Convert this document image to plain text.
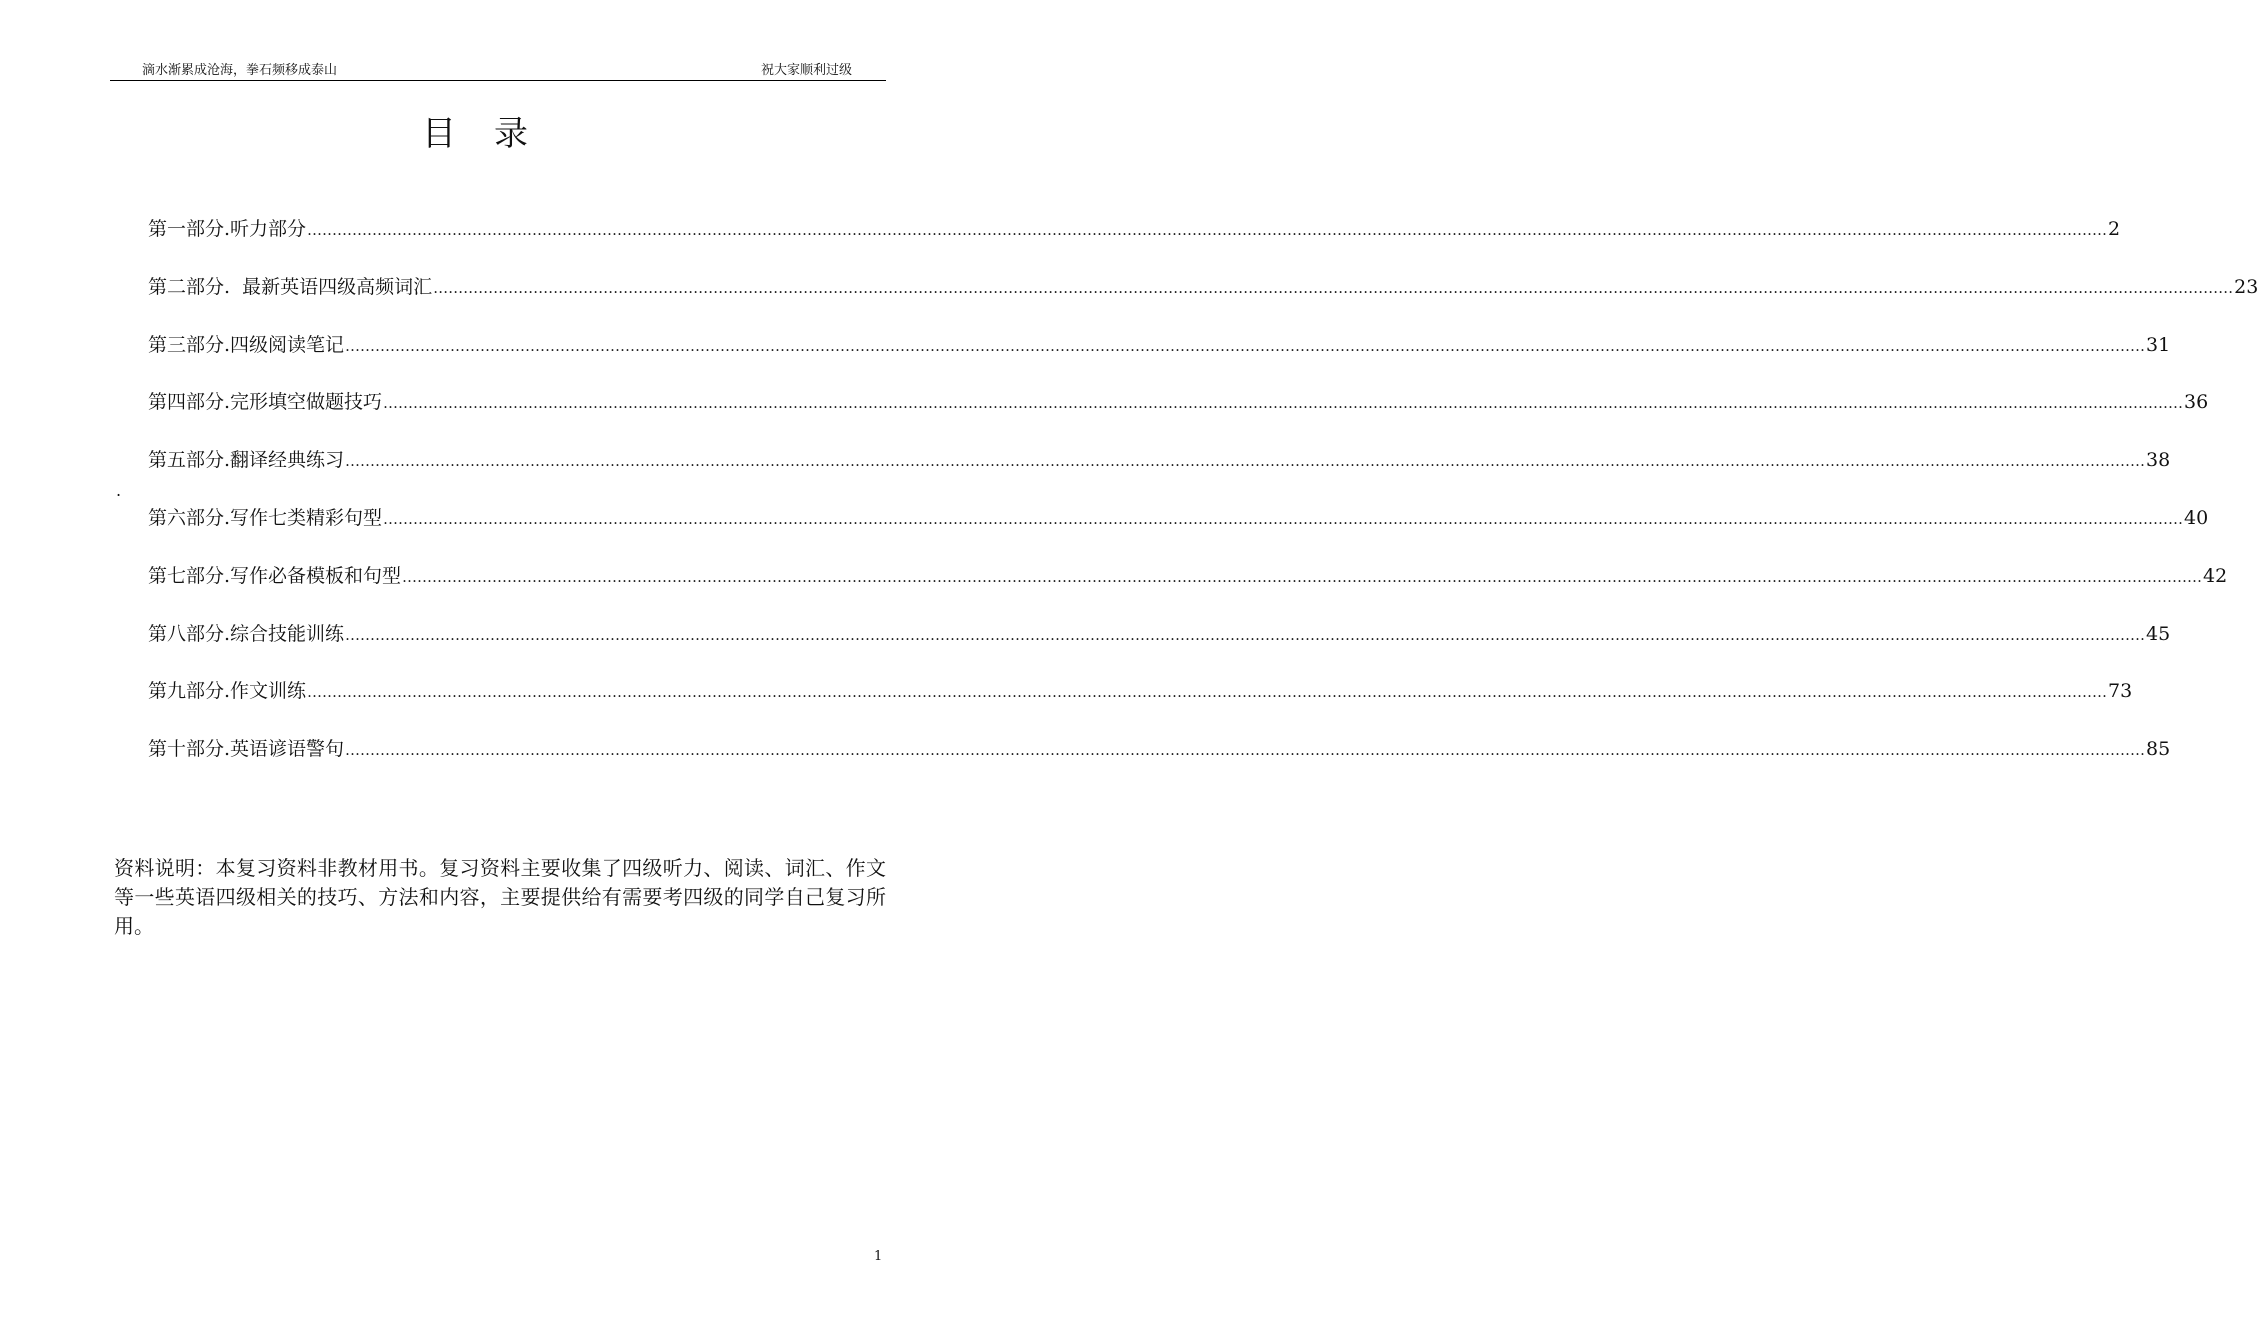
滴水渐累成沧海，拳石频移成泰山	祝大家顺利过级
目录
第一部分.听力部分 ……………………………………………………………………………………………………………………………………………………………………………………………………………………………………………………………………………………………………………………………… 2
第二部分.  最新英语四级高频词汇 ……………………………………………………………………………………………………………………………………………………………………………………………………………………………………………………………………………………………………………………………… 23
第三部分.四级阅读笔记 ……………………………………………………………………………………………………………………………………………………………………………………………………………………………………………………………………………………………………………………………… 31
第四部分.完形填空做题技巧 ……………………………………………………………………………………………………………………………………………………………………………………………………………………………………………………………………………………………………………………………… 36
第五部分.翻译经典练习 ……………………………………………………………………………………………………………………………………………………………………………………………………………………………………………………………………………………………………………………………… 38
第六部分.写作七类精彩句型 ……………………………………………………………………………………………………………………………………………………………………………………………………………………………………………………………………………………………………………………………… 40
第七部分.写作必备模板和句型 ……………………………………………………………………………………………………………………………………………………………………………………………………………………………………………………………………………………………………………………………… 42
第八部分.综合技能训练 ……………………………………………………………………………………………………………………………………………………………………………………………………………………………………………………………………………………………………………………………… 45
第九部分.作文训练 ……………………………………………………………………………………………………………………………………………………………………………………………………………………………………………………………………………………………………………………………… 73
第十部分.英语谚语警句 ……………………………………………………………………………………………………………………………………………………………………………………………………………………………………………………………………………………………………………………………… 85
.
资料说明：本复习资料非教材用书。复习资料主要收集了四级听力、阅读、词汇、作文等一些英语四级相关的技巧、方法和内容，主要提供给有需要考四级的同学自己复习所用。
1
